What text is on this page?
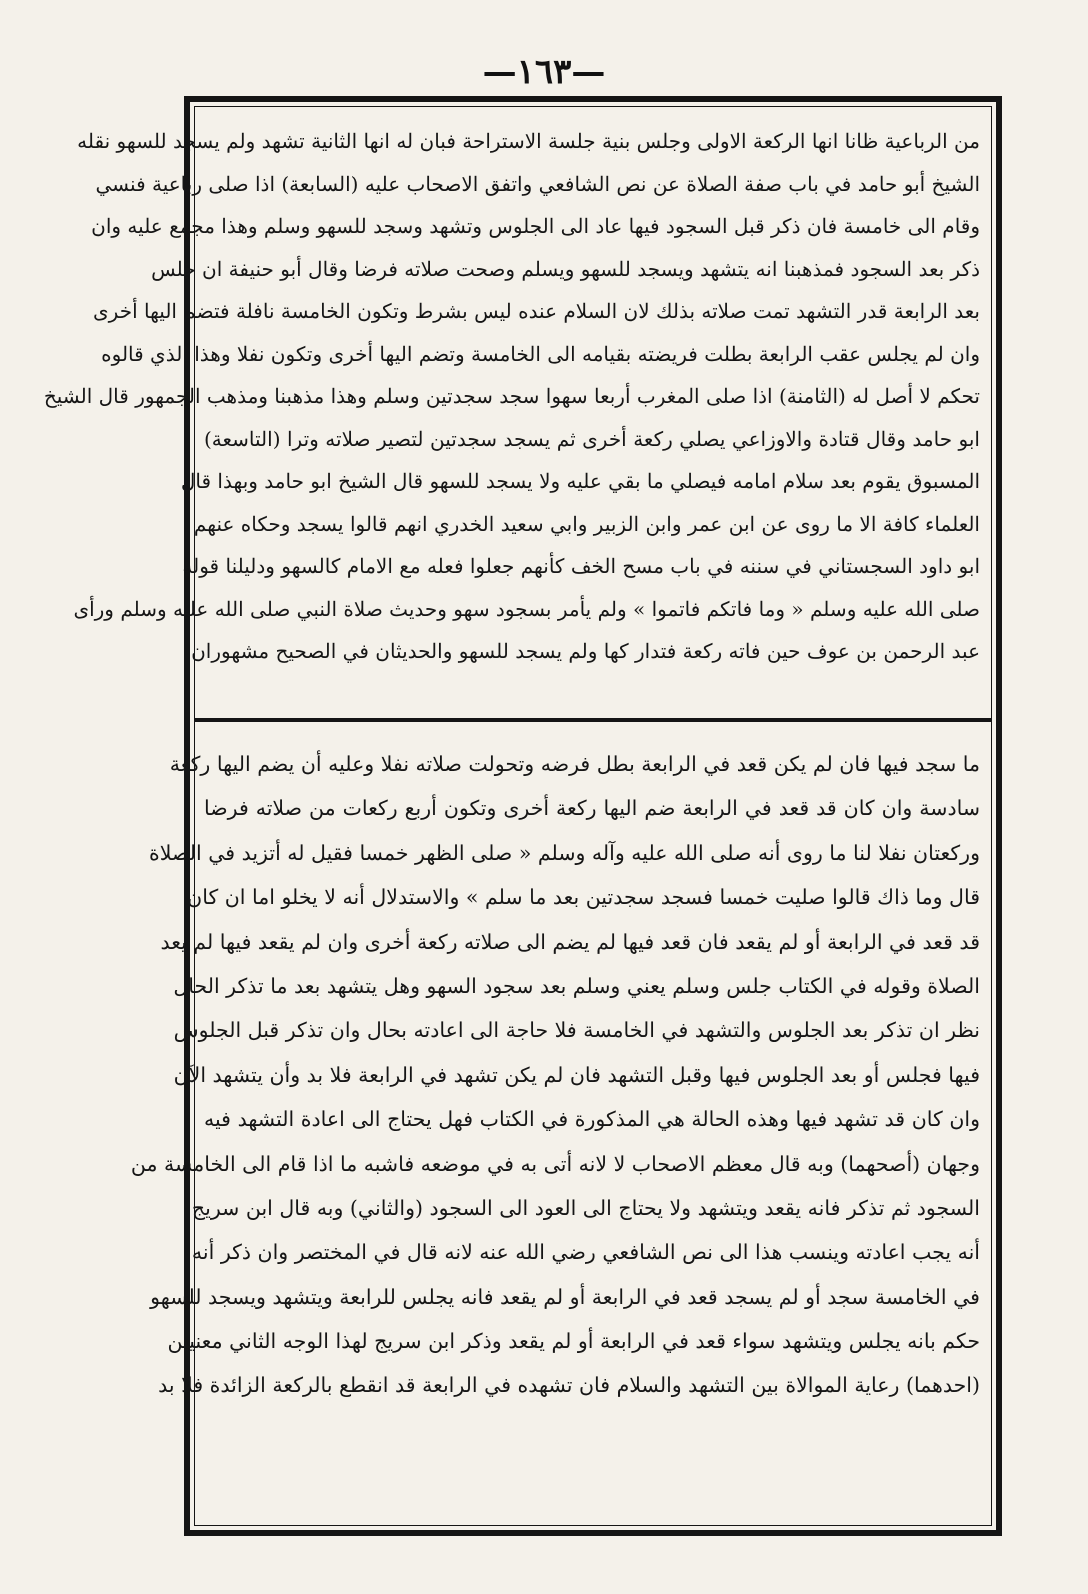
—١٦٣—
من الرباعية ظانا انها الركعة الاولى وجلس بنية جلسة الاستراحة فبان له انها الثانية تشهد ولم يسجد للسهو نقله
الشيخ أبو حامد في باب صفة الصلاة عن نص الشافعي واتفق الاصحاب عليه (السابعة) اذا صلى رباعية فنسي
وقام الى خامسة فان ذكر قبل السجود فيها عاد الى الجلوس وتشهد وسجد للسهو وسلم وهذا مجمع عليه وان
ذكر بعد السجود فمذهبنا انه يتشهد ويسجد للسهو ويسلم وصحت صلاته فرضا وقال أبو حنيفة ان جلس
بعد الرابعة قدر التشهد تمت صلاته بذلك لان السلام عنده ليس بشرط وتكون الخامسة نافلة فتضم اليها أخرى
وان لم يجلس عقب الرابعة بطلت فريضته بقيامه الى الخامسة وتضم اليها أخرى وتكون نفلا وهذا الذي قالوه
تحكم لا أصل له (الثامنة) اذا صلى المغرب أربعا سهوا سجد سجدتين وسلم وهذا مذهبنا ومذهب الجمهور قال الشيخ
ابو حامد وقال قتادة والاوزاعي يصلي ركعة أخرى ثم يسجد سجدتين لتصير صلاته وترا (التاسعة)
المسبوق يقوم بعد سلام امامه فيصلي ما بقي عليه ولا يسجد للسهو قال الشيخ ابو حامد وبهذا قال
العلماء كافة الا ما روى عن ابن عمر وابن الزبير وابي سعيد الخدري انهم قالوا يسجد وحكاه عنهم
ابو داود السجستاني في سننه في باب مسح الخف كأنهم جعلوا فعله مع الامام كالسهو ودليلنا قوله
صلى الله عليه وسلم « وما فاتكم فاتموا » ولم يأمر بسجود سهو وحديث صلاة النبي صلى الله عليه وسلم ورأى
عبد الرحمن بن عوف حين فاته ركعة فتدار كها ولم يسجد للسهو والحديثان في الصحيح مشهوران
ما سجد فيها فان لم يكن قعد في الرابعة بطل فرضه وتحولت صلاته نفلا وعليه أن يضم اليها ركعة
سادسة وان كان قد قعد في الرابعة ضم اليها ركعة أخرى وتكون أربع ركعات من صلاته فرضا
وركعتان نفلا لنا ما روى أنه صلى الله عليه وآله وسلم « صلى الظهر خمسا فقيل له أتزيد في الصلاة
قال وما ذاك قالوا صليت خمسا فسجد سجدتين بعد ما سلم » والاستدلال أنه لا يخلو اما ان كان
قد قعد في الرابعة أو لم يقعد فان قعد فيها لم يضم الى صلاته ركعة أخرى وان لم يقعد فيها لم يعد
الصلاة وقوله في الكتاب جلس وسلم يعني وسلم بعد سجود السهو وهل يتشهد بعد ما تذكر الحال
نظر ان تذكر بعد الجلوس والتشهد في الخامسة فلا حاجة الى اعادته بحال وان تذكر قبل الجلوس
فيها فجلس أو بعد الجلوس فيها وقبل التشهد فان لم يكن تشهد في الرابعة فلا بد وأن يتشهد الآن
وان كان قد تشهد فيها وهذه الحالة هي المذكورة في الكتاب فهل يحتاج الى اعادة التشهد فيه
وجهان (أصحهما) وبه قال معظم الاصحاب لا لانه أتى به في موضعه فاشبه ما اذا قام الى الخامسة من
السجود ثم تذكر فانه يقعد ويتشهد ولا يحتاج الى العود الى السجود (والثاني) وبه قال ابن سريج
أنه يجب اعادته وينسب هذا الى نص الشافعي رضي الله عنه لانه قال في المختصر وان ذكر أنه
في الخامسة سجد أو لم يسجد قعد في الرابعة أو لم يقعد فانه يجلس للرابعة ويتشهد ويسجد للسهو
حكم بانه يجلس ويتشهد سواء قعد في الرابعة أو لم يقعد وذكر ابن سريج لهذا الوجه الثاني معنيين
(احدهما) رعاية الموالاة بين التشهد والسلام فان تشهده في الرابعة قد انقطع بالركعة الزائدة فلا بد
